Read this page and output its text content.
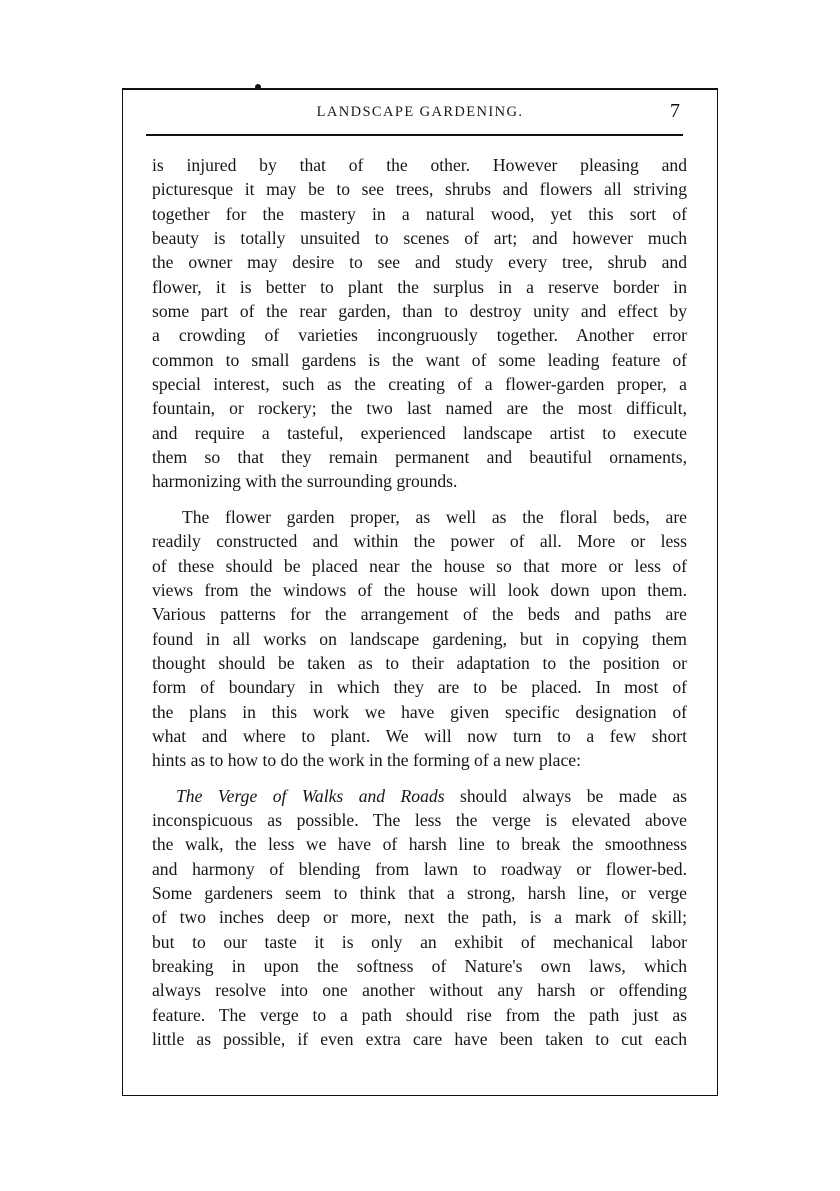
LANDSCAPE GARDENING.	7

is injured by that of the other. However pleasing and
picturesque it may be to see trees, shrubs and flowers all striving
together for the mastery in a natural wood, yet this sort of
beauty is totally unsuited to scenes of art; and however much
the owner may desire to see and study every tree, shrub and
flower, it is better to plant the surplus in a reserve border in
some part of the rear garden, than to destroy unity and effect by
a crowding of varieties incongruously together. Another error
common to small gardens is the want of some leading feature of
special interest, such as the creating of a flower-garden proper, a
fountain, or rockery; the two last named are the most difficult,
and require a tasteful, experienced landscape artist to execute
them so that they remain permanent and beautiful ornaments,
harmonizing with the surrounding grounds.

The flower garden proper, as well as the floral beds, are
readily constructed and within the power of all. More or less
of these should be placed near the house so that more or less of
views from the windows of the house will look down upon them.
Various patterns for the arrangement of the beds and paths are
found in all works on landscape gardening, but in copying them
thought should be taken as to their adaptation to the position or
form of boundary in which they are to be placed. In most of
the plans in this work we have given specific designation of
what and where to plant. We will now turn to a few short
hints as to how to do the work in the forming of a new place:

The Verge of Walks and Roads should always be made as
inconspicuous as possible. The less the verge is elevated above
the walk, the less we have of harsh line to break the smoothness
and harmony of blending from lawn to roadway or flower-bed.
Some gardeners seem to think that a strong, harsh line, or verge
of two inches deep or more, next the path, is a mark of skill;
but to our taste it is only an exhibit of mechanical labor
breaking in upon the softness of Nature's own laws, which
always resolve into one another without any harsh or offending
feature. The verge to a path should rise from the path just as
little as possible, if even extra care have been taken to cut each
